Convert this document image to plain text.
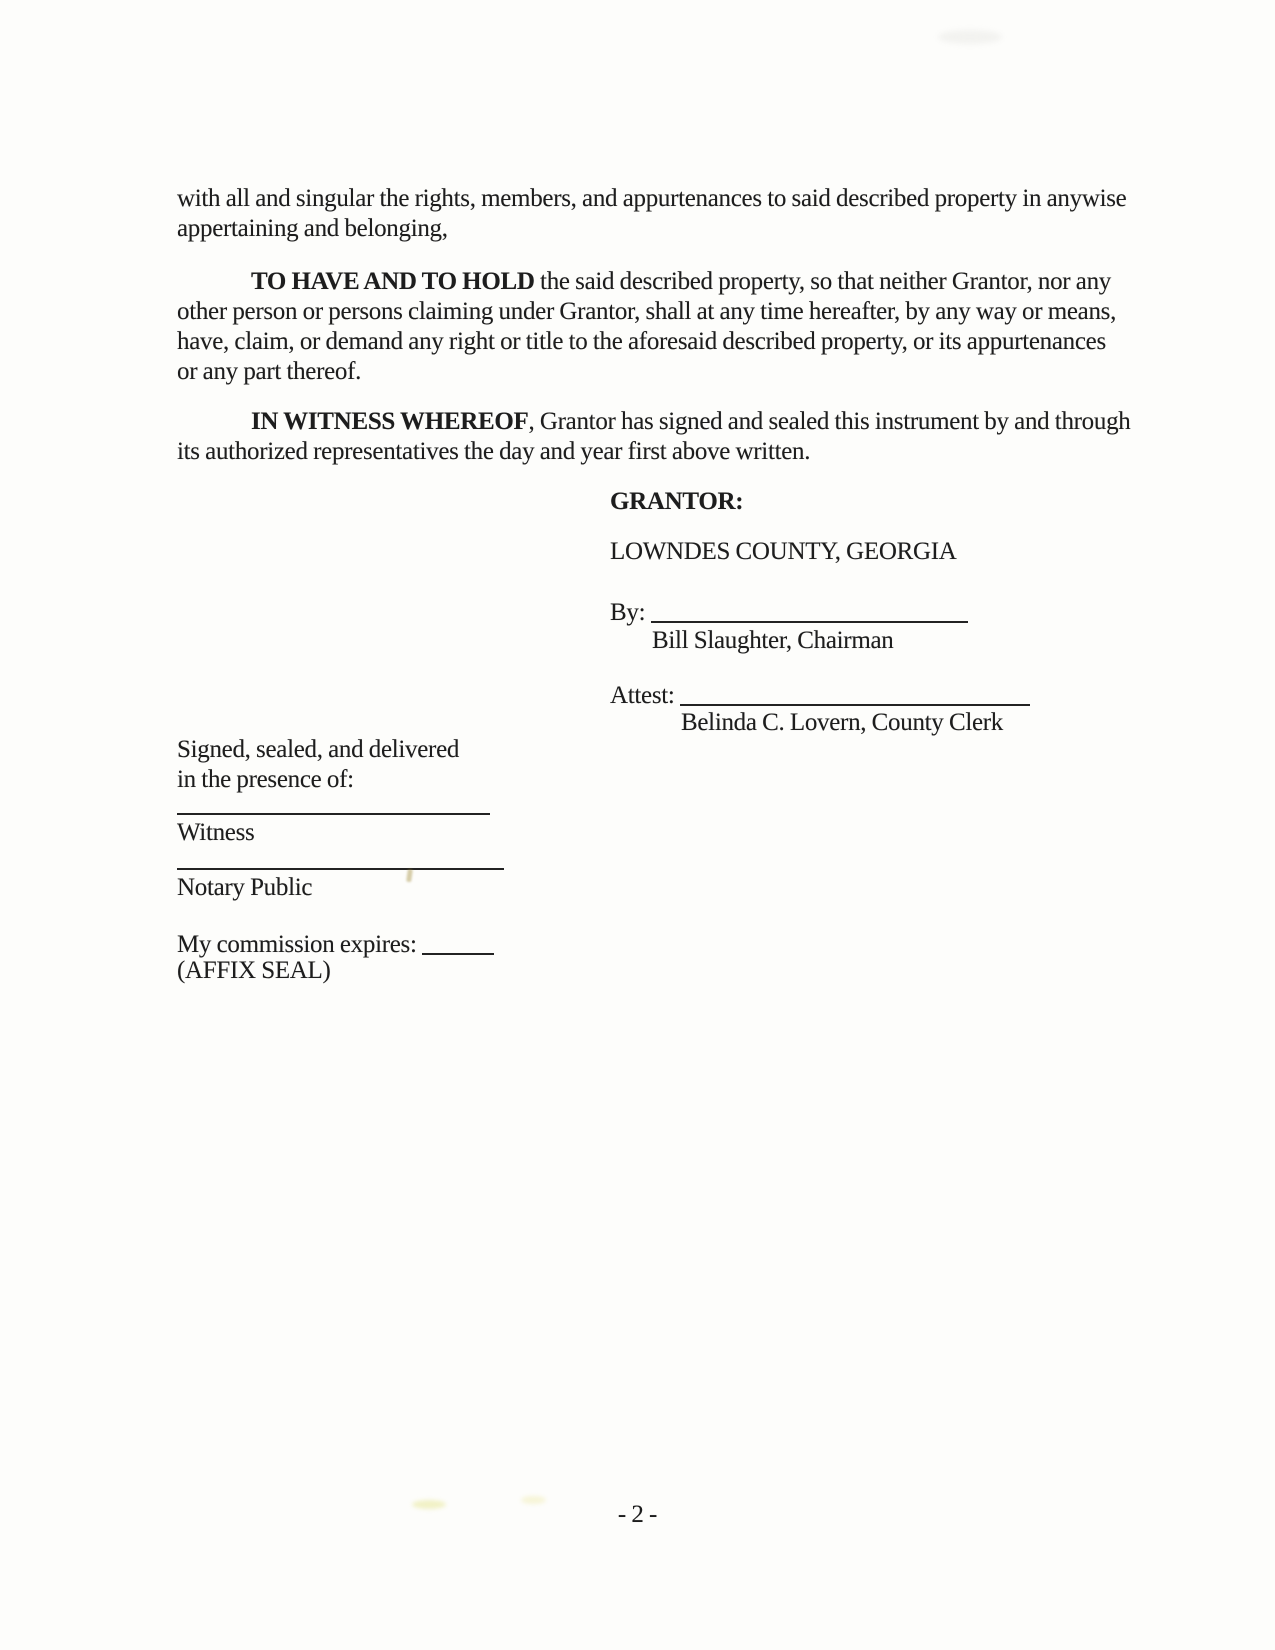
with all and singular the rights, members, and appurtenances to said described property in anywise
appertaining and belonging,
TO HAVE AND TO HOLD the said described property, so that neither Grantor, nor any
other person or persons claiming under Grantor, shall at any time hereafter, by any way or means,
have, claim, or demand any right or title to the aforesaid described property, or its appurtenances
or any part thereof.
IN WITNESS WHEREOF, Grantor has signed and sealed this instrument by and through
its authorized representatives the day and year first above written.
GRANTOR:
LOWNDES COUNTY, GEORGIA
By:
Bill Slaughter, Chairman
Attest:
Belinda C. Lovern, County Clerk
Signed, sealed, and delivered
in the presence of:
Witness
Notary Public
My commission expires:
(AFFIX SEAL)
- 2 -
